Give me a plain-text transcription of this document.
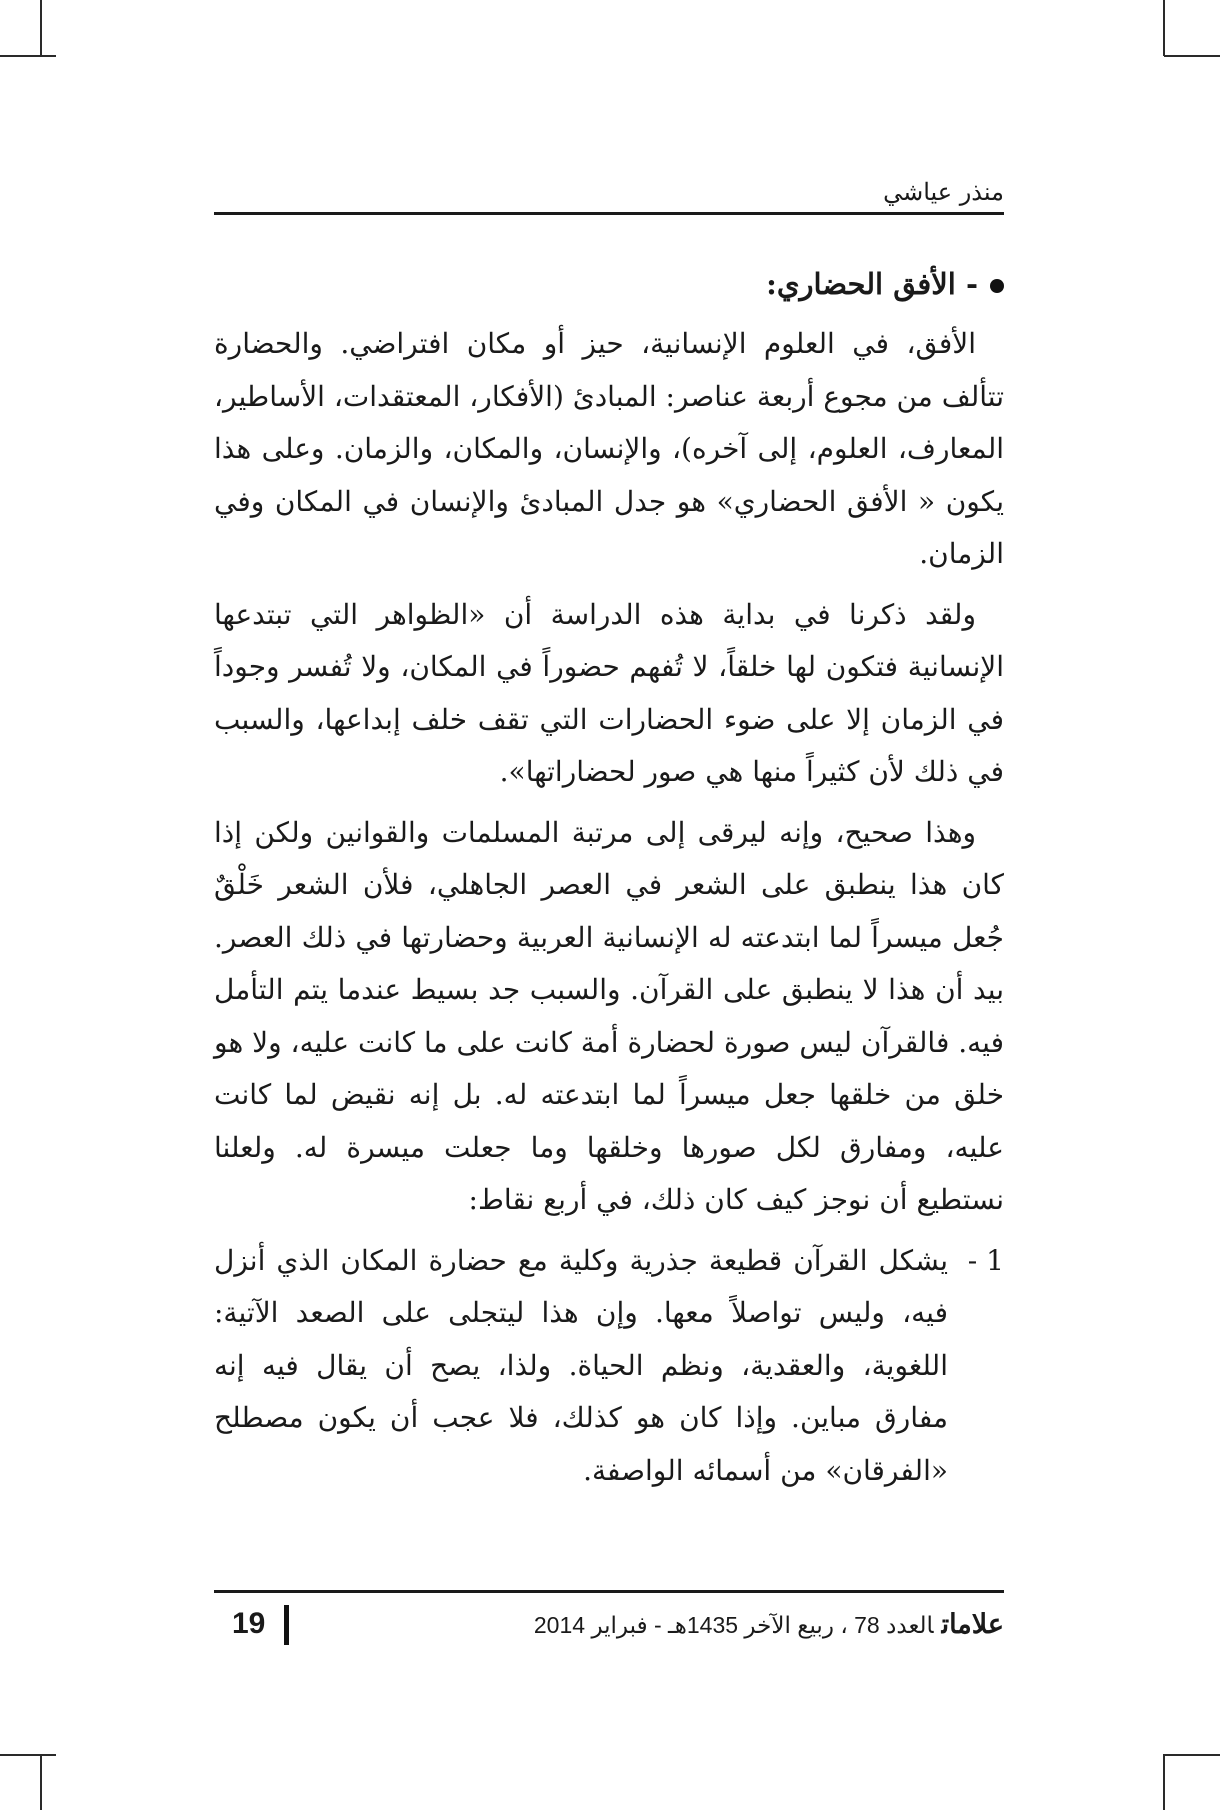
منذر عياشي
- الأفق الحضاري:

الأفق، في العلوم الإنسانية، حيز أو مكان افتراضي. والحضارة تتألف من مجوع أربعة عناصر: المبادئ (الأفكار، المعتقدات، الأساطير، المعارف، العلوم، إلى آخره)، والإنسان، والمكان، والزمان. وعلى هذا يكون « الأفق الحضاري» هو جدل المبادئ والإنسان في المكان وفي الزمان.

ولقد ذكرنا في بداية هذه الدراسة أن «الظواهر التي تبتدعها الإنسانية فتكون لها خلقاً، لا تُفهم حضوراً في المكان، ولا تُفسر وجوداً في الزمان إلا على ضوء الحضارات التي تقف خلف إبداعها، والسبب في ذلك لأن كثيراً منها هي صور لحضاراتها».

وهذا صحيح، وإنه ليرقى إلى مرتبة المسلمات والقوانين ولكن إذا كان هذا ينطبق على الشعر في العصر الجاهلي، فلأن الشعر خَلْقٌ جُعل ميسراً لما ابتدعته له الإنسانية العربية وحضارتها في ذلك العصر. بيد أن هذا لا ينطبق على القرآن. والسبب جد بسيط عندما يتم التأمل فيه. فالقرآن ليس صورة لحضارة أمة كانت على ما كانت عليه، ولا هو خلق من خلقها جعل ميسراً لما ابتدعته له. بل إنه نقيض لما كانت عليه، ومفارق لكل صورها وخلقها وما جعلت ميسرة له. ولعلنا نستطيع أن نوجز كيف كان ذلك، في أربع نقاط:

1 -يشكل القرآن قطيعة جذرية وكلية مع حضارة المكان الذي أنزل فيه، وليس تواصلاً معها. وإن هذا ليتجلى على الصعد الآتية: اللغوية، والعقدية، ونظم الحياة. ولذا، يصح أن يقال فيه إنه مفارق مباين. وإذا كان هو كذلك، فلا عجب أن يكون مصطلح «الفرقان» من أسمائه الواصفة.

19	علاماتالعدد 78 ، ربيع الآخر 1435هـ - فبراير 2014
